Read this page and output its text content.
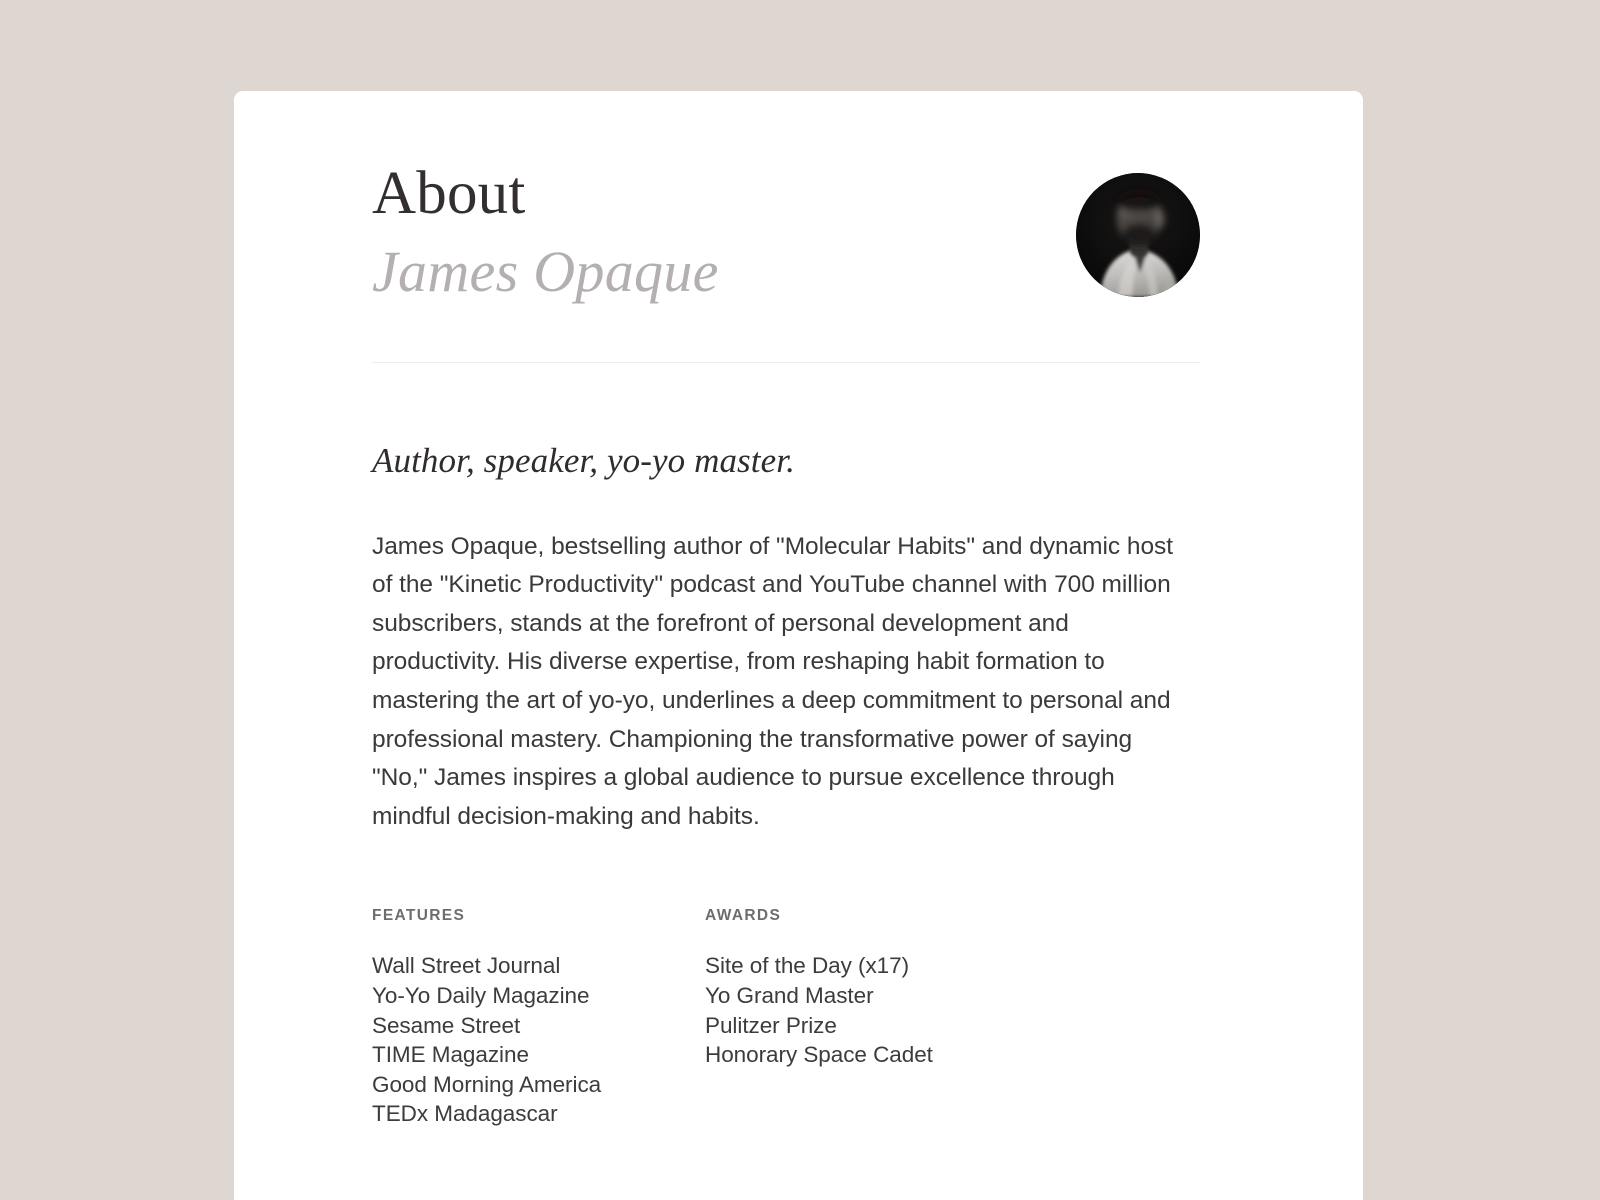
About
James Opaque
Author, speaker, yo-yo master.

James Opaque, bestselling author of "Molecular Habits" and dynamic host of the "Kinetic Productivity" podcast and YouTube channel with 700 million subscribers, stands at the forefront of personal development and productivity. His diverse expertise, from reshaping habit formation to mastering the art of yo-yo, underlines a deep commitment to personal and professional mastery. Championing the transformative power of saying "No," James inspires a global audience to pursue excellence through mindful decision-making and habits.

FEATURES
Wall Street Journal
Yo-Yo Daily Magazine
Sesame Street
TIME Magazine
Good Morning America
TEDx Madagascar
AWARDS
Site of the Day (x17)
Yo Grand Master
Pulitzer Prize
Honorary Space Cadet
